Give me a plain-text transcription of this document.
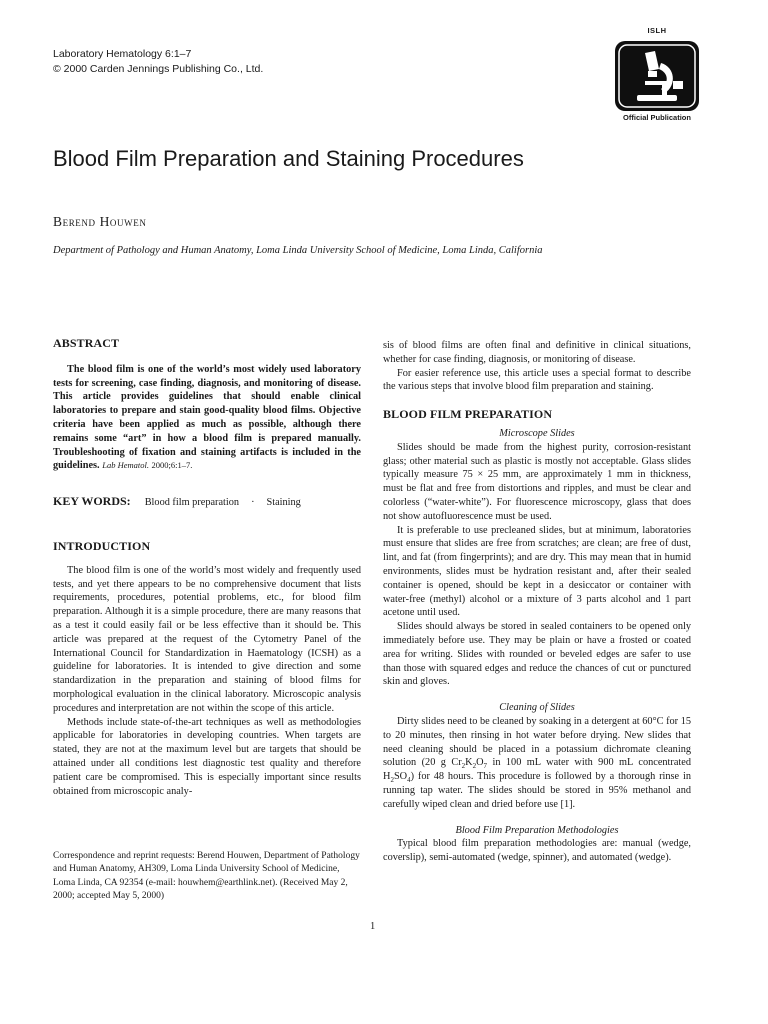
Laboratory Hematology 6:1–7
© 2000 Carden Jennings Publishing Co., Ltd.
ISLH
Official Publication
Blood Film Preparation and Staining Procedures
Berend Houwen
Department of Pathology and Human Anatomy, Loma Linda University School of Medicine, Loma Linda, California
ABSTRACT

The blood film is one of the world’s most widely used laboratory tests for screening, case finding, diagnosis, and monitoring of disease. This article provides guidelines that should enable clinical laboratories to prepare and stain good-quality blood films. Objective criteria have been applied as much as possible, although there remains some “art” in how a blood film is prepared manually. Troubleshooting of fixation and staining artifacts is included in the guidelines. Lab Hematol. 2000;6:1–7.

KEY WORDS: Blood film preparation · Staining
INTRODUCTION

The blood film is one of the world’s most widely and frequently used tests, and yet there appears to be no comprehensive document that lists requirements, procedures, potential problems, etc., for blood film preparation. Although it is a simple procedure, there are many reasons that as a test it could easily fail or be less effective than it should be. This article was prepared at the request of the Cytometry Panel of the International Council for Standardization in Haematology (ICSH) as a guideline for laboratories. It is intended to give direction and some standardization in the preparation and staining of blood films for morphological evaluation in the clinical laboratory. Microscopic analysis procedures and interpretation are not within the scope of this article.

Methods include state-of-the-art techniques as well as methodologies applicable for laboratories in developing countries. When targets are stated, they are not at the maximum level but are targets that should be attained under all conditions lest diagnostic test quality and therefore patient care be compromised. This is especially important since results obtained from microscopic analy-

Correspondence and reprint requests: Berend Houwen, Department of Pathology and Human Anatomy, AH309, Loma Linda University School of Medicine, Loma Linda, CA 92354 (e-mail: houwhem@earthlink.net). (Received May 2, 2000; accepted May 5, 2000)

sis of blood films are often final and definitive in clinical situations, whether for case finding, diagnosis, or monitoring of disease.

For easier reference use, this article uses a special format to describe the various steps that involve blood film preparation and staining.

BLOOD FILM PREPARATION
Microscope Slides

Slides should be made from the highest purity, corrosion-resistant glass; other material such as plastic is mostly not acceptable. Glass slides typically measure 75 × 25 mm, are approximately 1 mm in thickness, must be flat and free from distortions and ripples, and must be clear and colorless (“water-white”). For fluorescence microscopy, glass that does not show autofluorescence must be used.

It is preferable to use precleaned slides, but at minimum, laboratories must ensure that slides are free from scratches; are clean; are free of dust, lint, and fat (from fingerprints); and are dry. This may mean that in humid environments, slides must be hydration resistant and, after their sealed container is opened, should be kept in a desiccator or container with water-free (methyl) alcohol or a mixture of 3 parts alcohol and 1 part acetone until used.

Slides should always be stored in sealed containers to be opened only immediately before use. They may be plain or have a frosted or coated area for writing. Slides with rounded or beveled edges are safer to use than those with squared edges and reduce the chances of cut or punctured skin and gloves.

Cleaning of Slides

Dirty slides need to be cleaned by soaking in a detergent at 60°C for 15 to 20 minutes, then rinsing in hot water before drying. New slides that need cleaning should be placed in a potassium dichromate cleaning solution (20 g $Cr_2K_2O_7$ in 100 mL water with 900 mL concentrated $H_2SO_4$) for 48 hours. This procedure is followed by a thorough rinse in running tap water. The slides should be stored in 95% methanol and carefully wiped clean and dried before use [1].

Blood Film Preparation Methodologies

Typical blood film preparation methodologies are: manual (wedge, coverslip), semi-automated (wedge, spinner), and automated (wedge).

1
